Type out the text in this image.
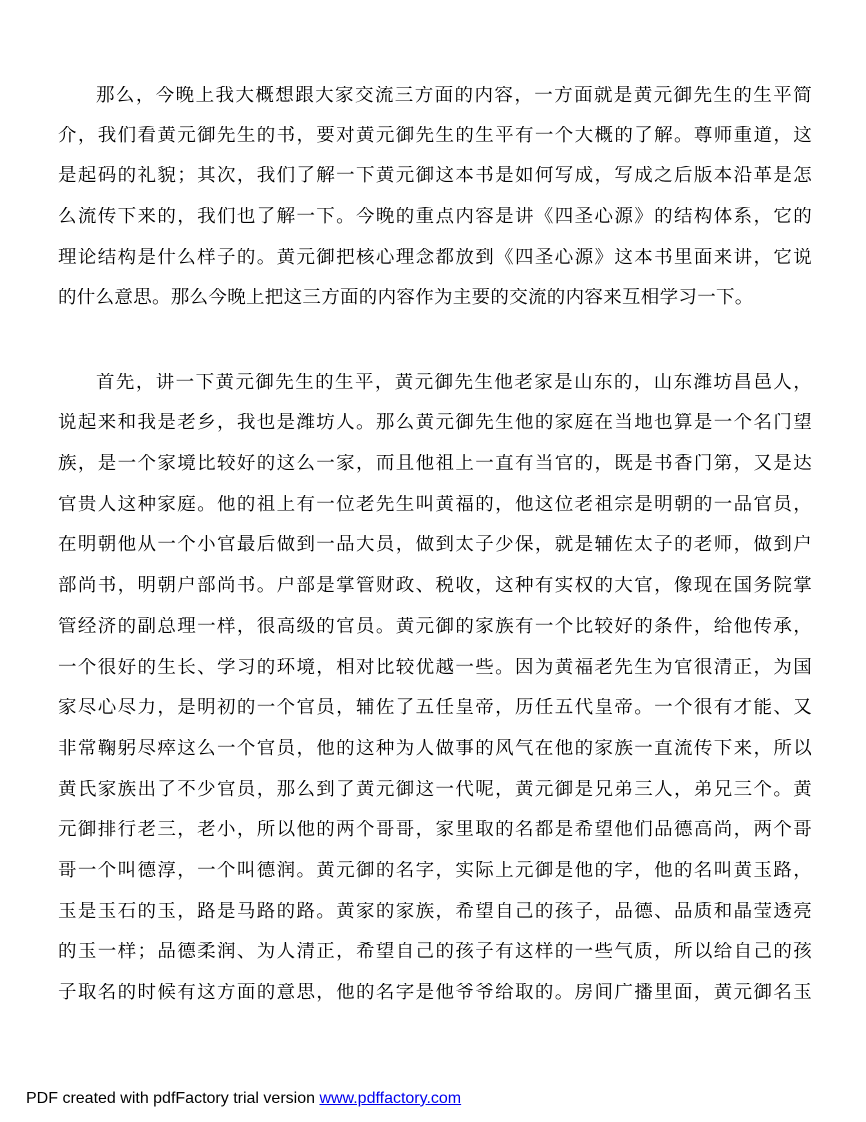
那么，今晚上我大概想跟大家交流三方面的内容，一方面就是黄元御先生的生平简
介，我们看黄元御先生的书，要对黄元御先生的生平有一个大概的了解。尊师重道，这
是起码的礼貌；其次，我们了解一下黄元御这本书是如何写成，写成之后版本沿革是怎
么流传下来的，我们也了解一下。今晚的重点内容是讲《四圣心源》的结构体系，它的
理论结构是什么样子的。黄元御把核心理念都放到《四圣心源》这本书里面来讲，它说
的什么意思。那么今晚上把这三方面的内容作为主要的交流的内容来互相学习一下。
首先，讲一下黄元御先生的生平，黄元御先生他老家是山东的，山东潍坊昌邑人，
说起来和我是老乡，我也是潍坊人。那么黄元御先生他的家庭在当地也算是一个名门望
族，是一个家境比较好的这么一家，而且他祖上一直有当官的，既是书香门第，又是达
官贵人这种家庭。他的祖上有一位老先生叫黄福的，他这位老祖宗是明朝的一品官员，
在明朝他从一个小官最后做到一品大员，做到太子少保，就是辅佐太子的老师，做到户
部尚书，明朝户部尚书。户部是掌管财政、税收，这种有实权的大官，像现在国务院掌
管经济的副总理一样，很高级的官员。黄元御的家族有一个比较好的条件，给他传承，
一个很好的生长、学习的环境，相对比较优越一些。因为黄福老先生为官很清正，为国
家尽心尽力，是明初的一个官员，辅佐了五任皇帝，历任五代皇帝。一个很有才能、又
非常鞠躬尽瘁这么一个官员，他的这种为人做事的风气在他的家族一直流传下来，所以
黄氏家族出了不少官员，那么到了黄元御这一代呢，黄元御是兄弟三人，弟兄三个。黄
元御排行老三，老小，所以他的两个哥哥，家里取的名都是希望他们品德高尚，两个哥
哥一个叫德淳，一个叫德润。黄元御的名字，实际上元御是他的字，他的名叫黄玉路，
玉是玉石的玉，路是马路的路。黄家的家族，希望自己的孩子，品德、品质和晶莹透亮
的玉一样；品德柔润、为人清正，希望自己的孩子有这样的一些气质，所以给自己的孩
子取名的时候有这方面的意思，他的名字是他爷爷给取的。房间广播里面，黄元御名玉
PDF created with pdfFactory trial version www.pdffactory.com
